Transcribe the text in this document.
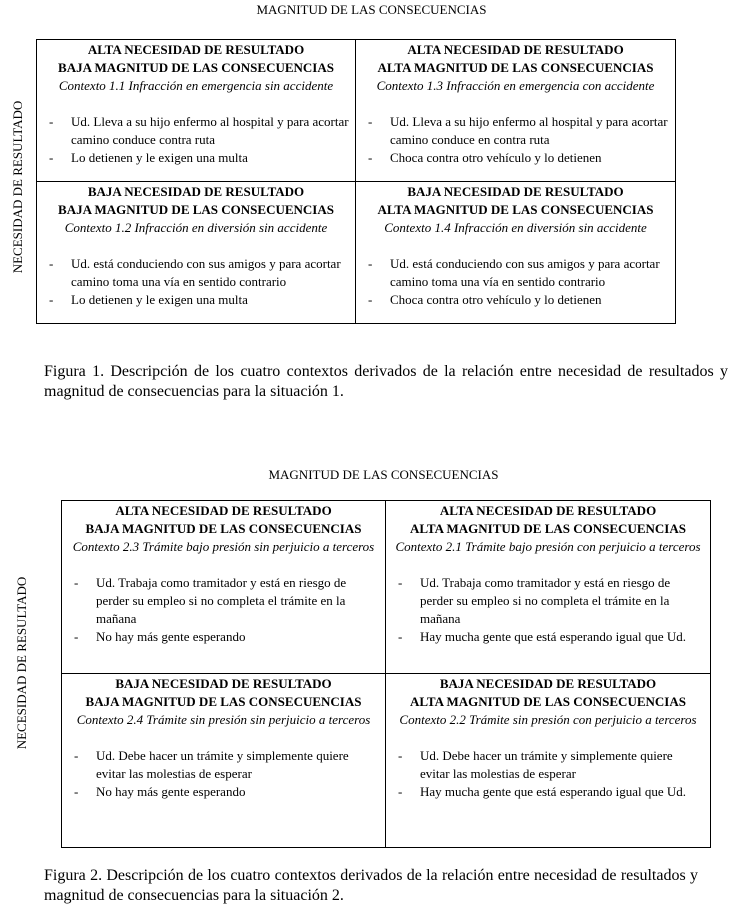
MAGNITUD DE LAS CONSECUENCIAS
NECESIDAD DE RESULTADO
ALTA NECESIDAD DE RESULTADO
BAJA MAGNITUD DE LAS CONSECUENCIAS
Contexto 1.1 Infracción en emergencia sin accidente
-	Ud. Lleva a su hijo enfermo al hospital y para acortar camino conduce contra ruta
-	Lo detienen y le exigen una multa
ALTA NECESIDAD DE RESULTADO
ALTA MAGNITUD DE LAS CONSECUENCIAS
Contexto 1.3 Infracción en emergencia con accidente
-	Ud. Lleva a su hijo enfermo al hospital y para acortar camino conduce en contra ruta
-	Choca contra otro vehículo y lo detienen
BAJA NECESIDAD DE RESULTADO
BAJA MAGNITUD DE LAS CONSECUENCIAS
Contexto 1.2 Infracción en diversión sin accidente
-	Ud. está conduciendo con sus amigos y para acortar camino toma una vía en sentido contrario
-	Lo detienen y le exigen una multa
BAJA NECESIDAD DE RESULTADO
ALTA MAGNITUD DE LAS CONSECUENCIAS
Contexto 1.4 Infracción en diversión sin accidente
-	Ud. está conduciendo con sus amigos y para acortar camino toma una vía en sentido contrario
-	Choca contra otro vehículo y lo detienen
Figura 1. Descripción de los cuatro contextos derivados de la relación entre necesidad de resultados y magnitud de consecuencias para la situación 1.
MAGNITUD DE LAS CONSECUENCIAS
NECESIDAD DE RESULTADO
ALTA NECESIDAD DE RESULTADO
BAJA MAGNITUD DE LAS CONSECUENCIAS
Contexto 2.3 Trámite bajo presión sin perjuicio a terceros
-	Ud. Trabaja como tramitador y está en riesgo de perder su empleo si no completa el trámite en la mañana
-	No hay más gente esperando
ALTA NECESIDAD DE RESULTADO
ALTA MAGNITUD DE LAS CONSECUENCIAS
Contexto 2.1 Trámite bajo presión con perjuicio a terceros
-	Ud. Trabaja como tramitador y está en riesgo de perder su empleo si no completa el trámite en la mañana
-	Hay mucha gente que está esperando igual que Ud.
BAJA NECESIDAD DE RESULTADO
BAJA MAGNITUD DE LAS CONSECUENCIAS
Contexto 2.4 Trámite sin presión sin perjuicio a terceros
-	Ud. Debe hacer un trámite y simplemente quiere evitar las molestias de esperar
-	No hay más gente esperando
BAJA NECESIDAD DE RESULTADO
ALTA MAGNITUD DE LAS CONSECUENCIAS
Contexto 2.2 Trámite sin presión con perjuicio a terceros
-	Ud. Debe hacer un trámite y simplemente quiere evitar las molestias de esperar
-	Hay mucha gente que está esperando igual que Ud.
Figura 2. Descripción de los cuatro contextos derivados de la relación entre necesidad de resultados y magnitud de consecuencias para la situación 2.
